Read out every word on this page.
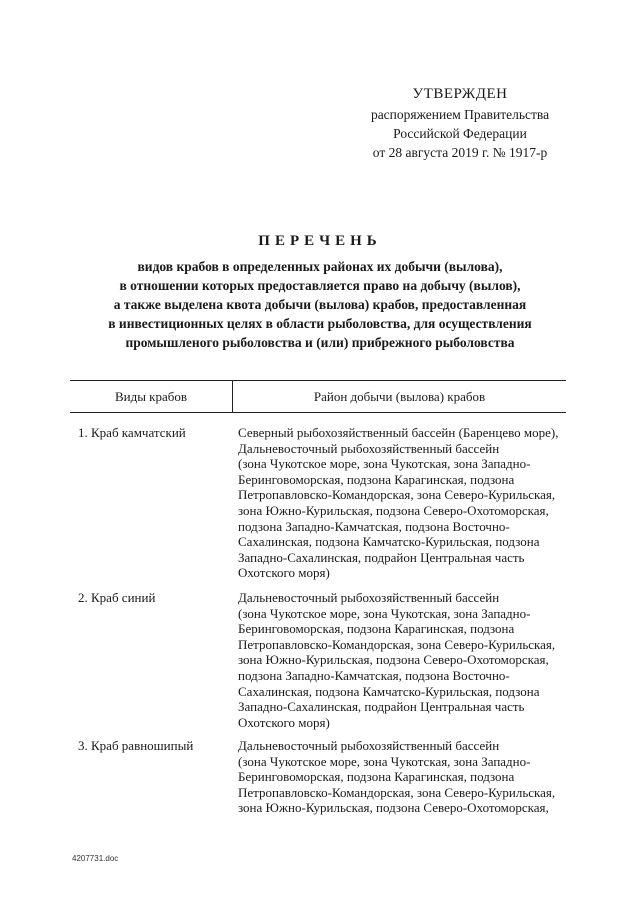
УТВЕРЖДЕН
распоряжением Правительства
Российской Федерации
от 28 августа 2019 г. № 1917-р
ПЕРЕЧЕНЬ
видов крабов в определенных районах их добычи (вылова),
в отношении которых предоставляется право на добычу (вылов),
а также выделена квота добычи (вылова) крабов, предоставленная
в инвестиционных целях в области рыболовства, для осуществления
промышленого рыболовства и (или) прибрежного рыболовства
Виды крабов	Район добычи (вылова) крабов
1. Краб камчатский	Северный рыбохозяйственный бассейн (Баренцево море),
Дальневосточный рыбохозяйственный бассейн
(зона Чукотское море, зона Чукотская, зона Западно-
Беринговоморская, подзона Карагинская, подзона
Петропавловско-Командорская, зона Северо-Курильская,
зона Южно-Курильская, подзона Северо-Охотоморская,
подзона Западно-Камчатская, подзона Восточно-
Сахалинская, подзона Камчатско-Курильская, подзона
Западно-Сахалинская, подрайон Центральная часть
Охотского моря)
2. Краб синий	Дальневосточный рыбохозяйственный бассейн
(зона Чукотское море, зона Чукотская, зона Западно-
Беринговоморская, подзона Карагинская, подзона
Петропавловско-Командорская, зона Северо-Курильская,
зона Южно-Курильская, подзона Северо-Охотоморская,
подзона Западно-Камчатская, подзона Восточно-
Сахалинская, подзона Камчатско-Курильская, подзона
Западно-Сахалинская, подрайон Центральная часть
Охотского моря)
3. Краб равношипый	Дальневосточный рыбохозяйственный бассейн
(зона Чукотское море, зона Чукотская, зона Западно-
Беринговоморская, подзона Карагинская, подзона
Петропавловско-Командорская, зона Северо-Курильская,
зона Южно-Курильская, подзона Северо-Охотоморская,
4207731.doc
